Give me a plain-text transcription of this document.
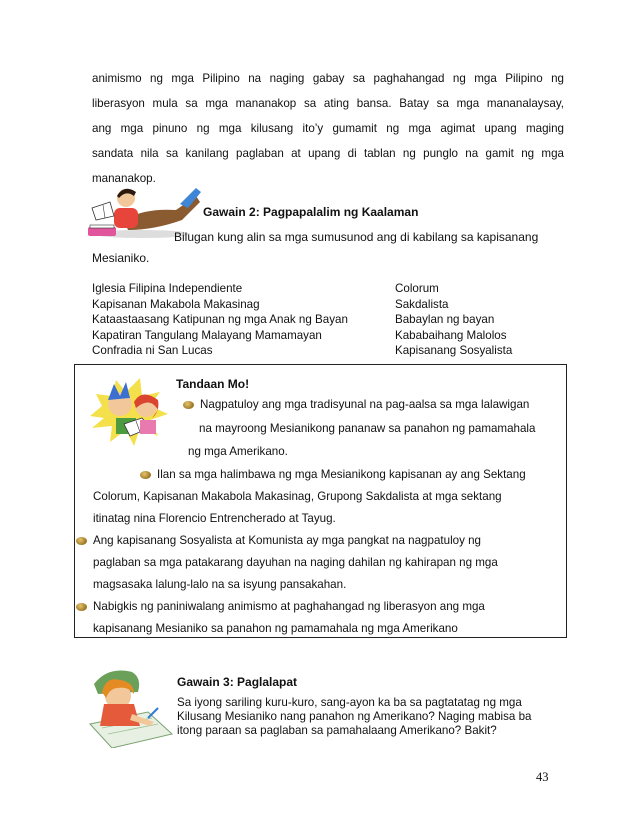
animismo ng mga Pilipino na naging gabay sa paghahangad ng mga Pilipino ng
liberasyon mula sa mga mananakop sa ating bansa. Batay sa mga mananalaysay,
ang mga pinuno ng mga kilusang ito’y gumamit ng mga agimat upang maging
sandata nila sa kanilang paglaban at upang di tablan ng punglo na gamit ng mga
mananakop.
Gawain 2: Pagpapalalim ng Kaalaman
Bilugan kung alin sa mga sumusunod ang di kabilang sa kapisanang
Mesianiko.
Iglesia Filipina Independiente
Kapisanan Makabola Makasinag
Kataastaasang Katipunan ng mga Anak ng Bayan
Kapatiran Tangulang Malayang Mamamayan
Confradia ni San Lucas
Colorum
Sakdalista
Babaylan ng bayan
Kababaihang Malolos
Kapisanang Sosyalista
Tandaan Mo!
Nagpatuloy ang mga tradisyunal na pag-aalsa sa mga lalawigan
na mayroong Mesianikong pananaw sa panahon ng pamamahala
ng mga Amerikano.
Ilan sa mga halimbawa ng mga Mesianikong kapisanan ay ang Sektang
Colorum, Kapisanan Makabola Makasinag, Grupong Sakdalista at mga sektang
itinatag nina Florencio Entrencherado at Tayug.
Ang kapisanang Sosyalista at Komunista ay mga pangkat na nagpatuloy ng
paglaban sa mga patakarang dayuhan na naging dahilan ng kahirapan ng mga
magsasaka lalung-lalo na sa isyung pansakahan.
Nabigkis ng paniniwalang animismo at paghahangad ng liberasyon ang mga
kapisanang Mesianiko sa panahon ng pamamahala ng mga Amerikano
Gawain 3: Paglalapat
Sa iyong sariling kuru-kuro, sang-ayon ka ba sa pagtatatag ng mga
Kilusang Mesianiko nang panahon ng Amerikano? Naging mabisa ba
itong paraan sa paglaban sa pamahalaang Amerikano? Bakit?
43
